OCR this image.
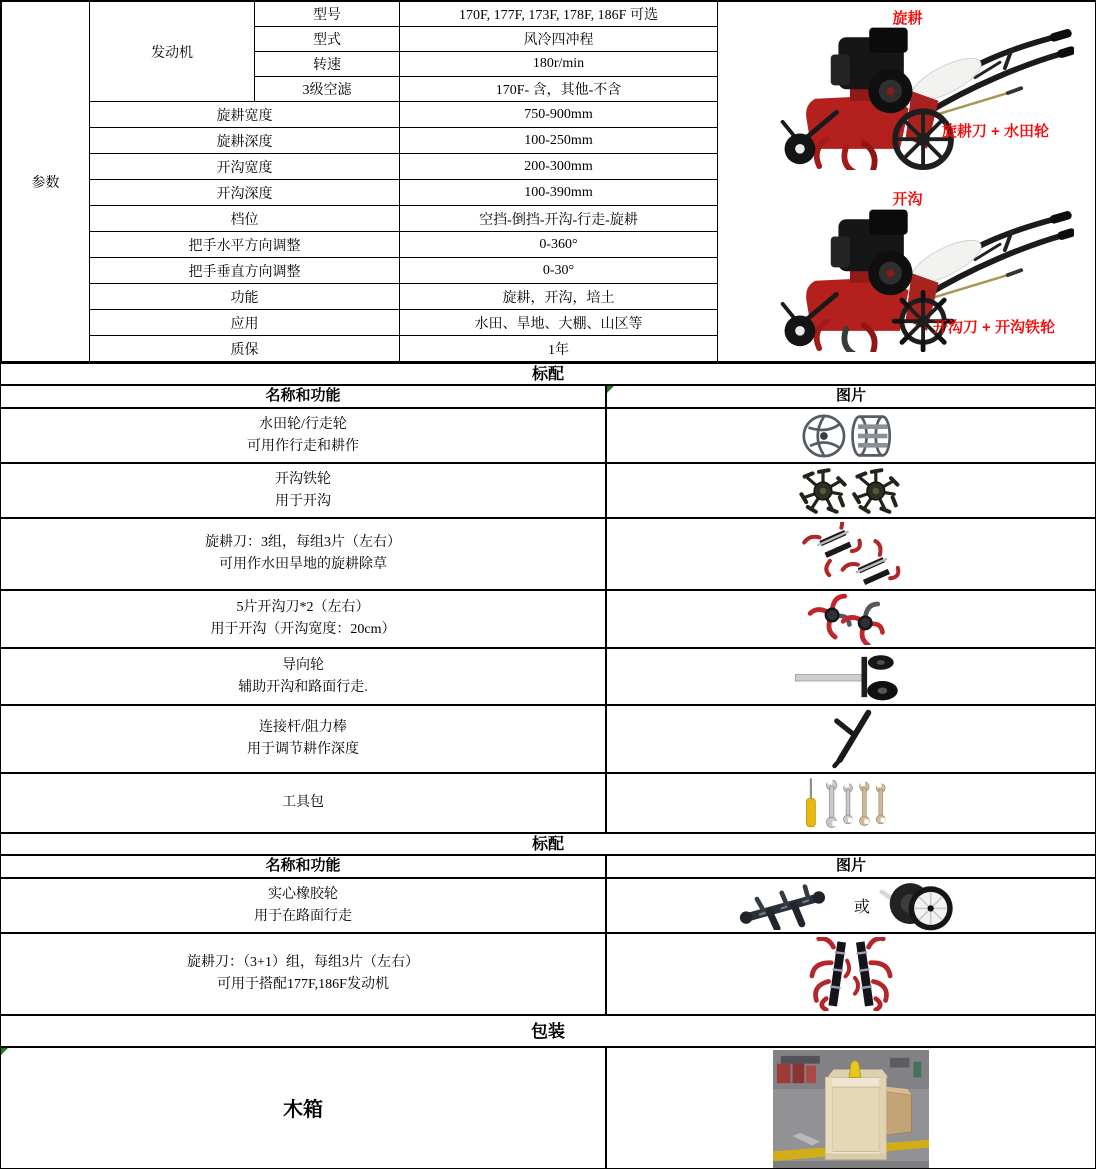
参数	发动机	型号	170F, 177F, 173F, 178F, 186F 可选	旋耕
旋耕刀 + 水田轮
开沟
开沟刀 + 开沟铁轮

		型式	风冷四冲程	
		转速	180r/min	
		3级空滤	170F- 含，其他-不含	
	旋耕宽度		750-900mm	
	旋耕深度		100-250mm	
	开沟宽度		200-300mm	
	开沟深度		100-390mm	
	档位		空挡-倒挡-开沟-行走-旋耕	
	把手水平方向调整		0-360°	
	把手垂直方向调整		0-30°	
	功能		旋耕，开沟，培土	
	应用		水田、旱地、大棚、山区等	
	质保		1年	
标配
名称和功能	图片
水田轮/行走轮
可用作行走和耕作
开沟铁轮
用于开沟
旋耕刀：3组，每组3片（左右）
可用作水田旱地的旋耕除草
5片开沟刀*2（左右）
用于开沟（开沟宽度：20cm）
导向轮
辅助开沟和路面行走.
连接杆/阻力棒
用于调节耕作深度
工具包
标配
名称和功能	图片
实心橡胶轮
用于在路面行走	或
旋耕刀：（3+1）组，每组3片（左右）
可用于搭配177F,186F发动机
包装
木箱
